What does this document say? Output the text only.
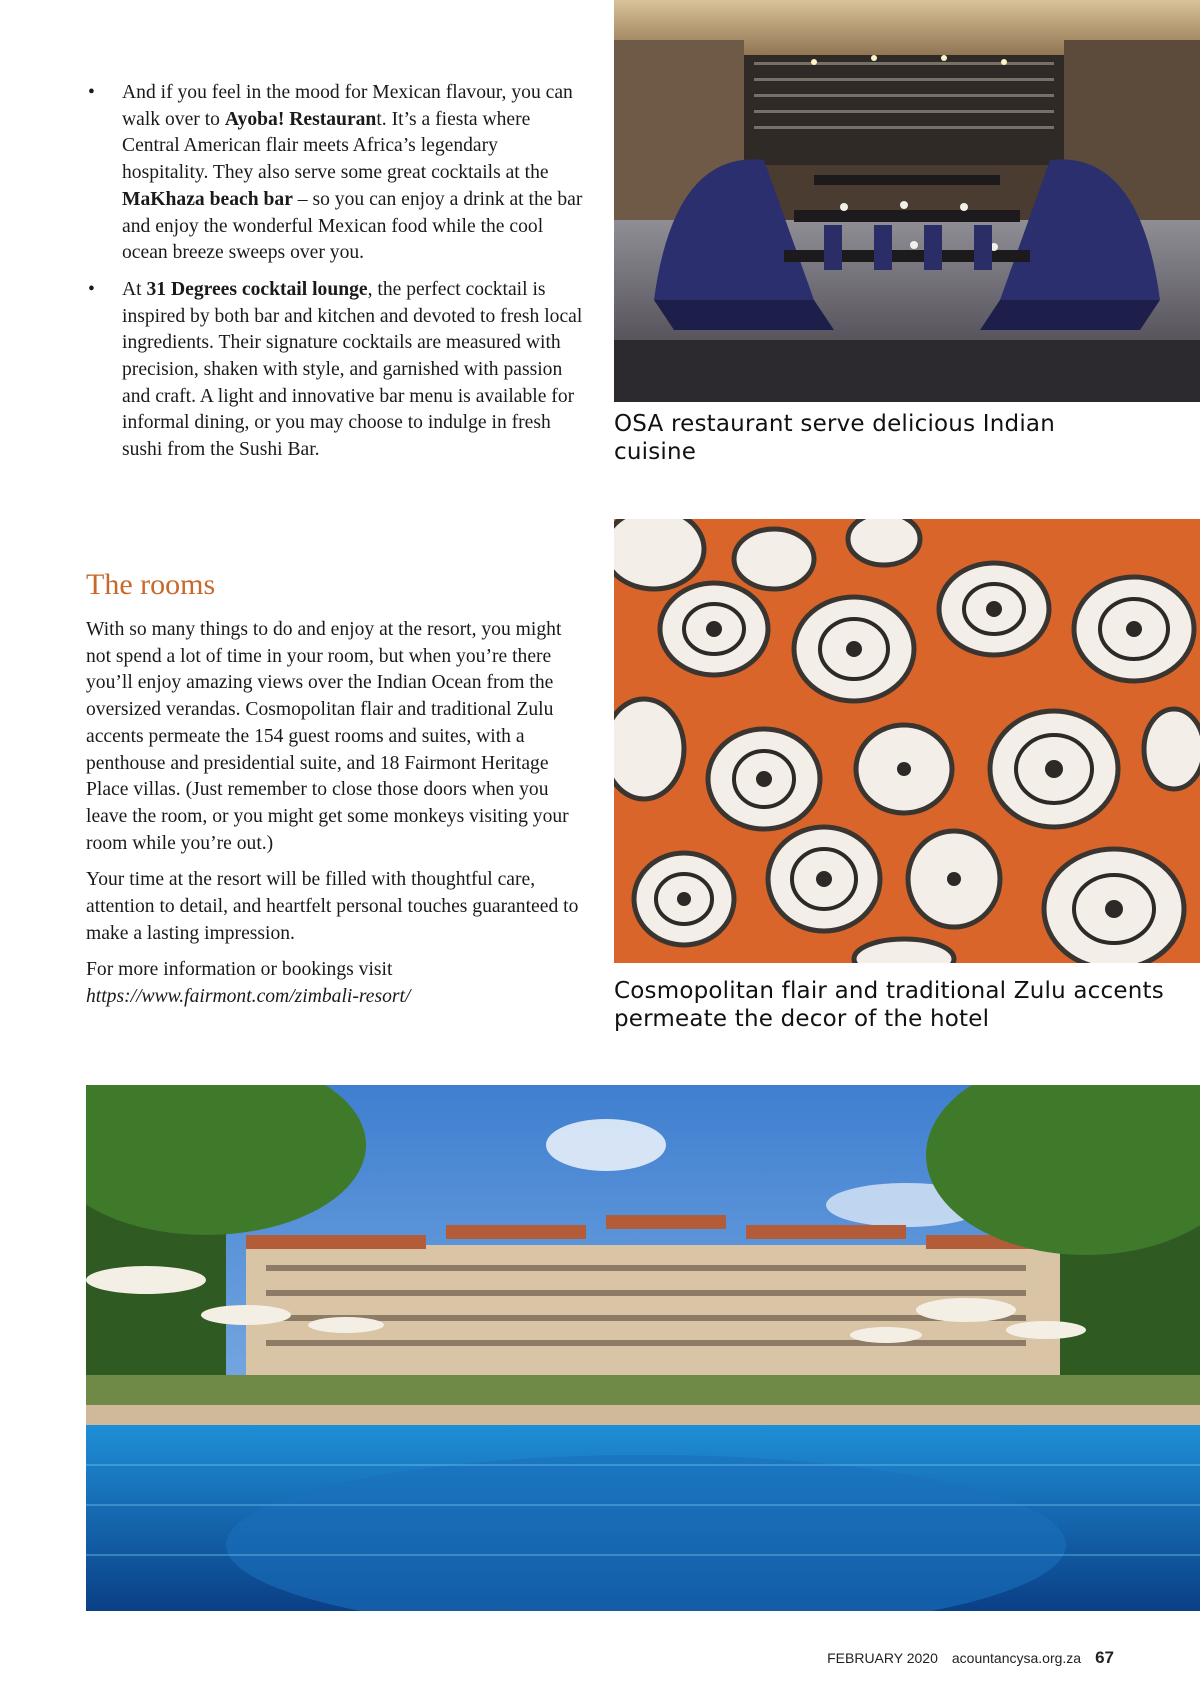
• And if you feel in the mood for Mexican flavour, you can walk over to Ayoba! Restaurant. It’s a fiesta where Central American flair meets Africa’s legendary hospitality. They also serve some great cocktails at the MaKhaza beach bar – so you can enjoy a drink at the bar and enjoy the wonderful Mexican food while the cool ocean breeze sweeps over you.
• At 31 Degrees cocktail lounge, the perfect cocktail is inspired by both bar and kitchen and devoted to fresh local ingredients. Their signature cocktails are measured with precision, shaken with style, and garnished with passion and craft. A light and innovative bar menu is available for informal dining, or you may choose to indulge in fresh sushi from the Sushi Bar.
The rooms

With so many things to do and enjoy at the resort, you might not spend a lot of time in your room, but when you’re there you’ll enjoy amazing views over the Indian Ocean from the oversized verandas. Cosmopolitan flair and traditional Zulu accents permeate the 154 guest rooms and suites, with a penthouse and presidential suite, and 18 Fairmont Heritage Place villas. (Just remember to close those doors when you leave the room, or you might get some monkeys visiting your room while you’re out.)

Your time at the resort will be filled with thoughtful care, attention to detail, and heartfelt personal touches guaranteed to make a lasting impression.

For more information or bookings visit https://www.fairmont.com/zimbali-resort/

OSA restaurant serve delicious Indian cuisine
Cosmopolitan flair and traditional Zulu accents permeate the decor of the hotel
FEBRUARY 2020 acountancysa.org.za 67
